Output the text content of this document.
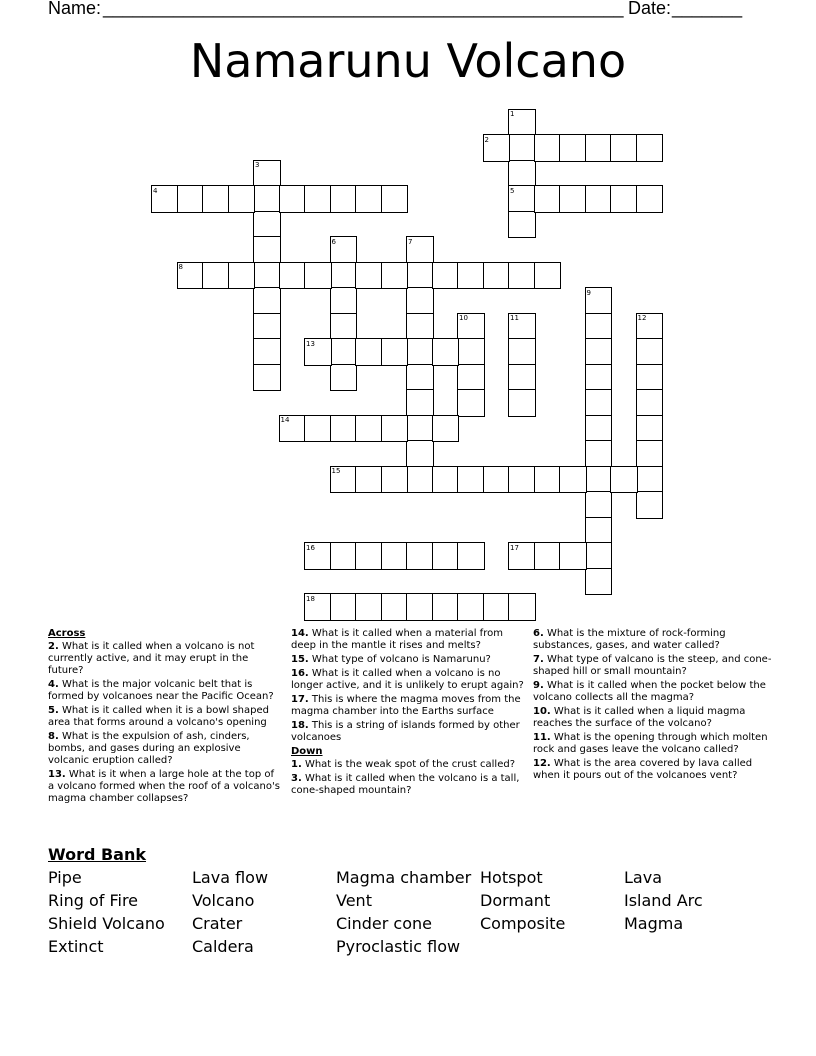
Name: ____________________________________________________ Date: _______
Namarunu Volcano
1
2
3
4	5
6	7
8
9
10	11	12
13
14
15
16	17
18

Across

2. What is it called when a volcano is not currently active, and it may erupt in the future?

4. What is the major volcanic belt that is formed by volcanoes near the Pacific Ocean?

5. What is it called when it is a bowl shaped area that forms around a volcano's opening

8. What is the expulsion of ash, cinders, bombs, and gases during an explosive volcanic eruption called?

13. What is it when a large hole at the top of a volcano formed when the roof of a volcano's magma chamber collapses?

14. What is it called when a material from deep in the mantle it rises and melts?

15. What type of volcano is Namarunu?

16. What is it called when a volcano is no longer active, and it is unlikely to erupt again?

17. This is where the magma moves from the magma chamber into the Earths surface

18. This is a string of islands formed by other volcanoes

Down

1. What is the weak spot of the crust called?

3. What is it called when the volcano is a tall, cone-shaped mountain?

6. What is the mixture of rock-forming substances, gases, and water called?

7. What type of valcano is the steep, and cone-shaped hill or small mountain?

9. What is it called when the pocket below the volcano collects all the magma?

10. What is it called when a liquid magma reaches the surface of the volcano?

11. What is the opening through which molten rock and gases leave the volcano called?

12. What is the area covered by lava called when it pours out of the volcanoes vent?

Word Bank
Pipe
Ring of Fire
Shield Volcano
Extinct
Lava flow
Volcano
Crater
Caldera
Magma chamber
Vent
Cinder cone
Pyroclastic flow
Hotspot
Dormant
Composite
Lava
Island Arc
Magma
